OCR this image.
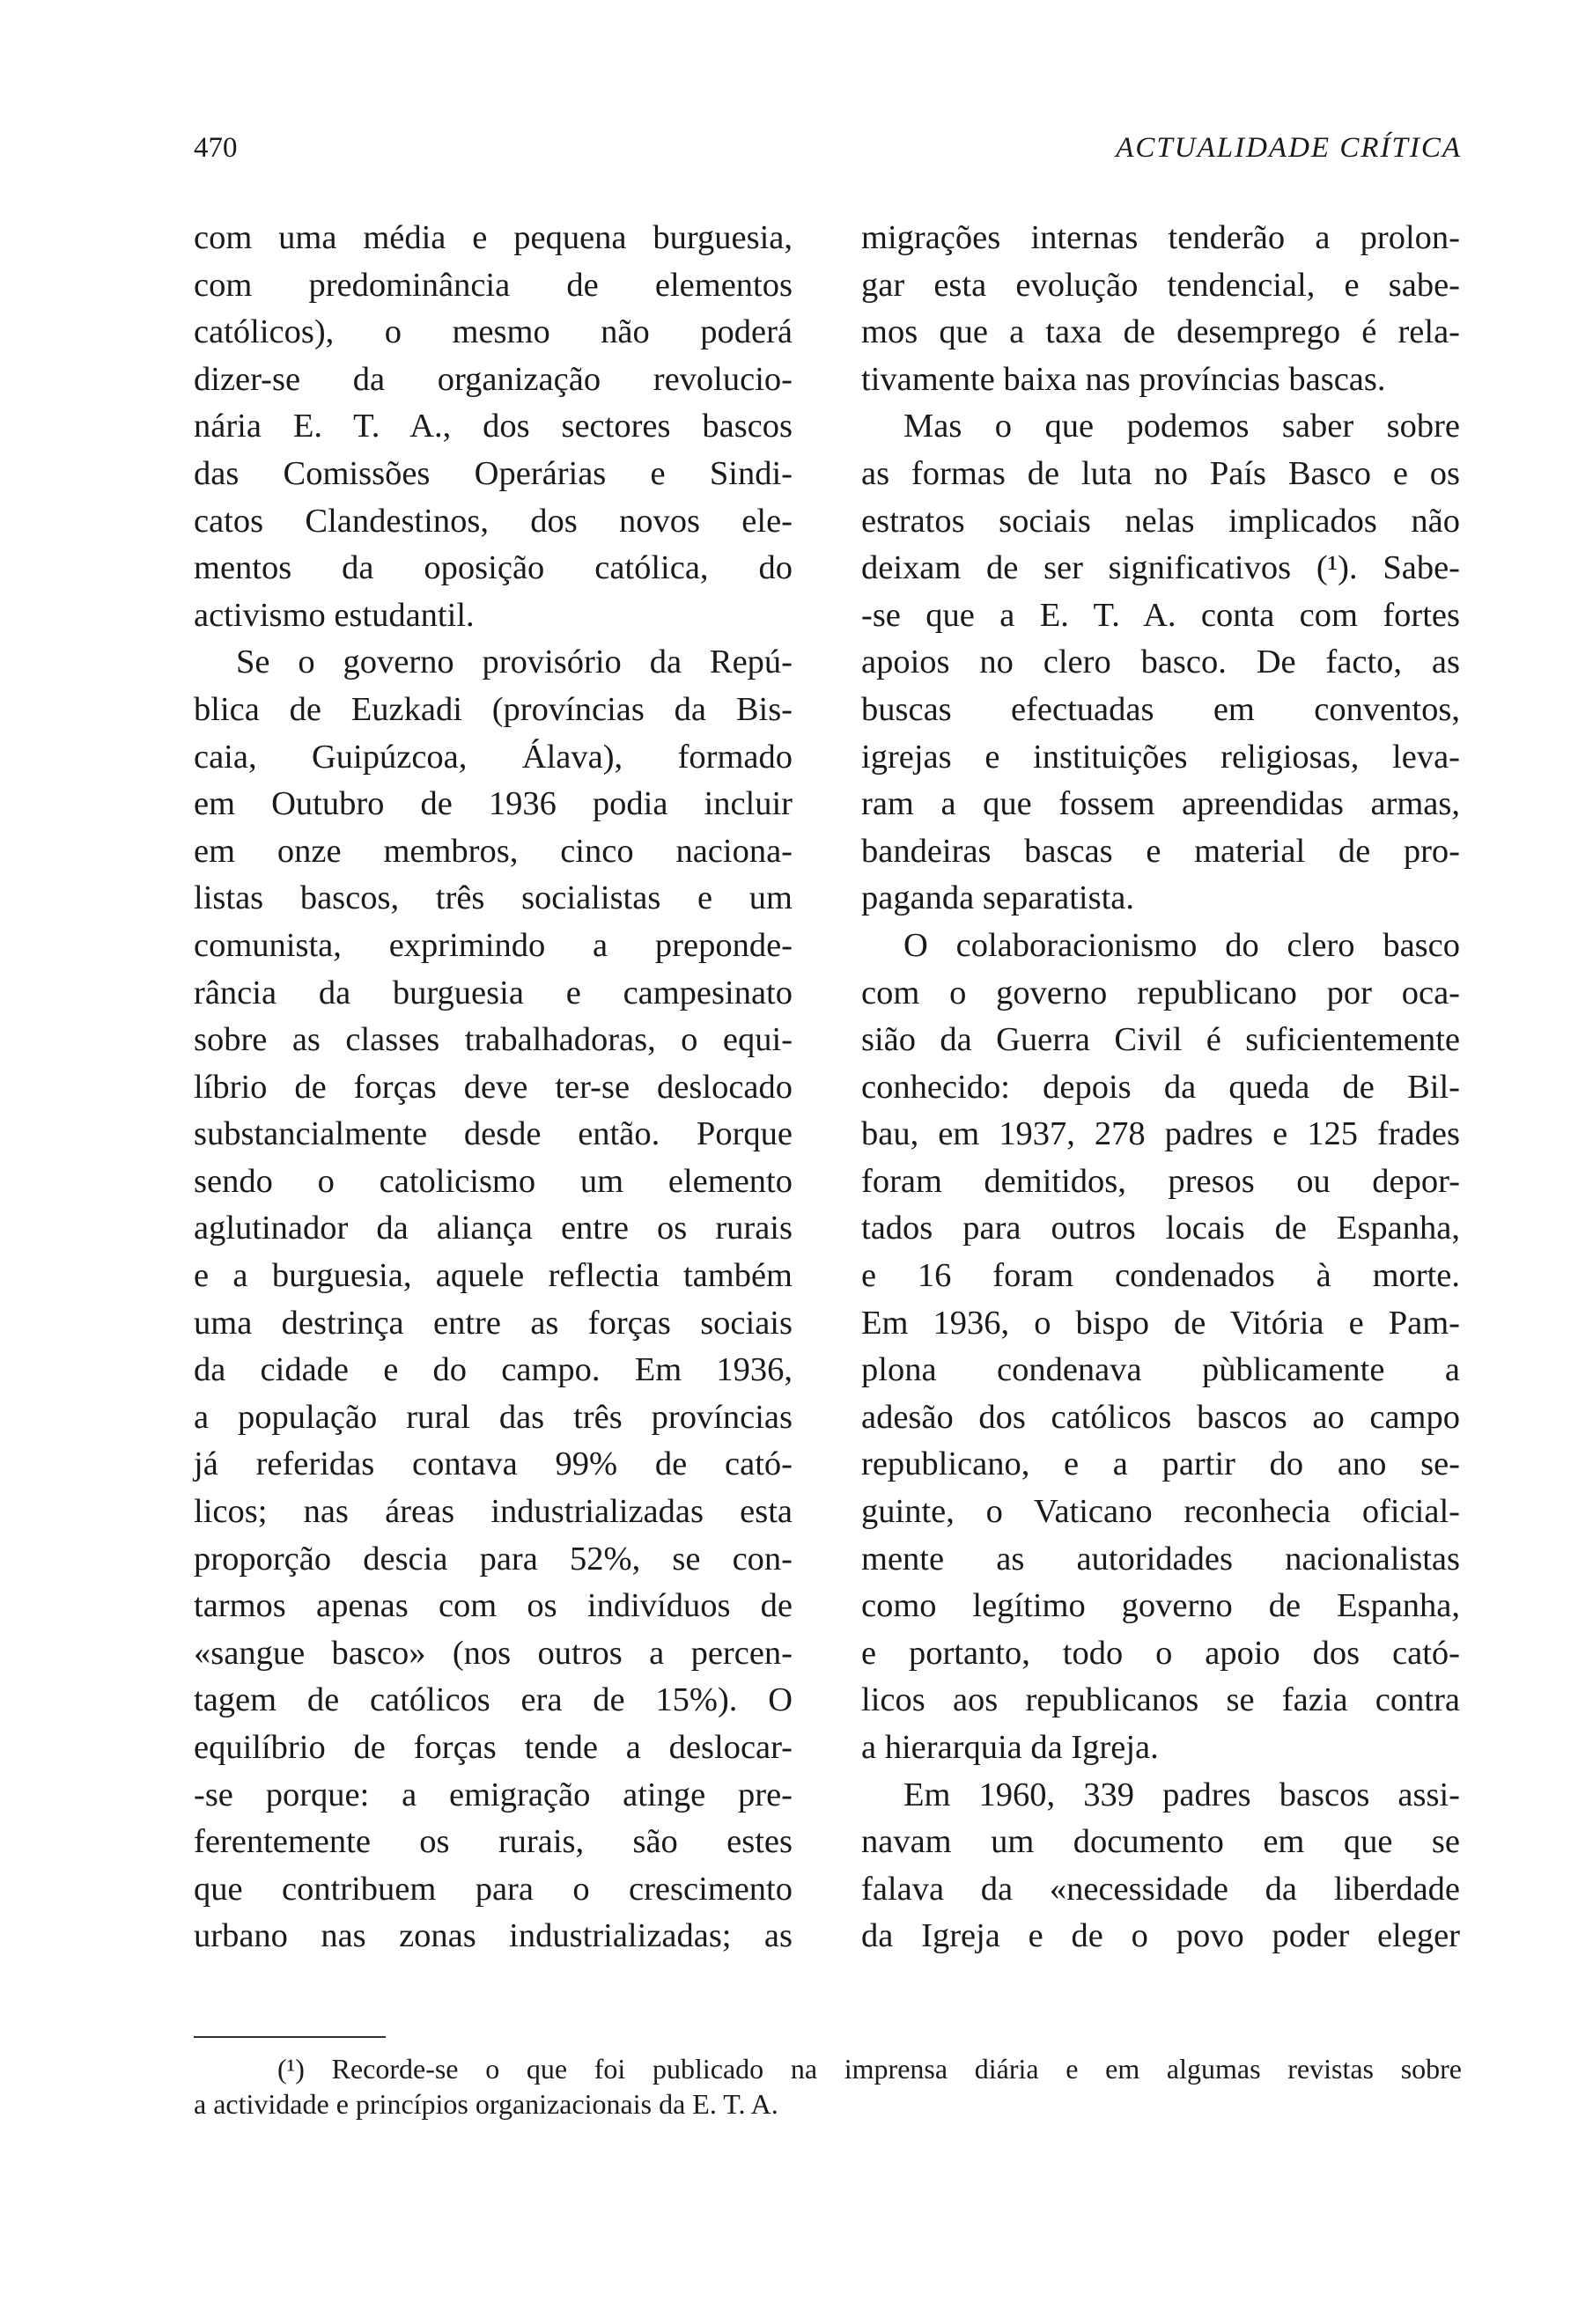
470	ACTUALIDADE CRÍTICA
com uma média e pequena burguesia,
com predominância de elementos
católicos), o mesmo não poderá
dizer-se da organização revolucio-
nária E. T. A., dos sectores bascos
das Comissões Operárias e Sindi-
catos Clandestinos, dos novos ele-
mentos da oposição católica, do
activismo estudantil.
Se o governo provisório da Repú-
blica de Euzkadi (províncias da Bis-
caia, Guipúzcoa, Álava), formado
em Outubro de 1936 podia incluir
em onze membros, cinco naciona-
listas bascos, três socialistas e um
comunista, exprimindo a preponde-
rância da burguesia e campesinato
sobre as classes trabalhadoras, o equi-
líbrio de forças deve ter-se deslocado
substancialmente desde então. Porque
sendo o catolicismo um elemento
aglutinador da aliança entre os rurais
e a burguesia, aquele reflectia também
uma destrinça entre as forças sociais
da cidade e do campo. Em 1936,
a população rural das três províncias
já referidas contava 99% de cató-
licos; nas áreas industrializadas esta
proporção descia para 52%, se con-
tarmos apenas com os indivíduos de
«sangue basco» (nos outros a percen-
tagem de católicos era de 15%). O
equilíbrio de forças tende a deslocar-
-se porque: a emigração atinge pre-
ferentemente os rurais, são estes
que contribuem para o crescimento
urbano nas zonas industrializadas; as
migrações internas tenderão a prolon-
gar esta evolução tendencial, e sabe-
mos que a taxa de desemprego é rela-
tivamente baixa nas províncias bascas.
Mas o que podemos saber sobre
as formas de luta no País Basco e os
estratos sociais nelas implicados não
deixam de ser significativos (¹). Sabe-
-se que a E. T. A. conta com fortes
apoios no clero basco. De facto, as
buscas efectuadas em conventos,
igrejas e instituições religiosas, leva-
ram a que fossem apreendidas armas,
bandeiras bascas e material de pro-
paganda separatista.
O colaboracionismo do clero basco
com o governo republicano por oca-
sião da Guerra Civil é suficientemente
conhecido: depois da queda de Bil-
bau, em 1937, 278 padres e 125 frades
foram demitidos, presos ou depor-
tados para outros locais de Espanha,
e 16 foram condenados à morte.
Em 1936, o bispo de Vitória e Pam-
plona condenava pùblicamente a
adesão dos católicos bascos ao campo
republicano, e a partir do ano se-
guinte, o Vaticano reconhecia oficial-
mente as autoridades nacionalistas
como legítimo governo de Espanha,
e portanto, todo o apoio dos cató-
licos aos republicanos se fazia contra
a hierarquia da Igreja.
Em 1960, 339 padres bascos assi-
navam um documento em que se
falava da «necessidade da liberdade
da Igreja e de o povo poder eleger
(¹) Recorde-se o que foi publicado na imprensa diária e em algumas revistas sobre
a actividade e princípios organizacionais da E. T. A.
